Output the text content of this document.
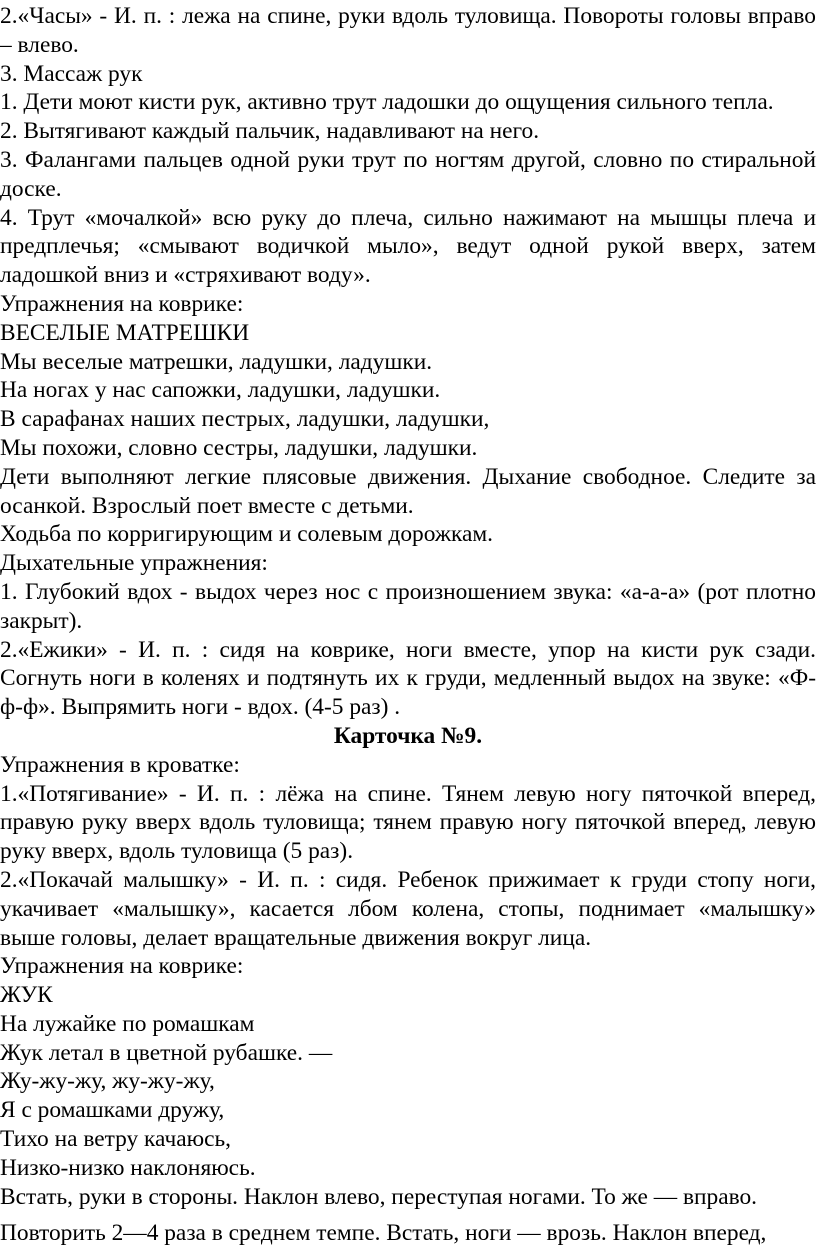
2.«Часы» - И. п. : лежа на спине, руки вдоль туловища. Повороты головы вправо – влево.

3. Массаж рук

1. Дети моют кисти рук, активно трут ладошки до ощущения сильного тепла.

2. Вытягивают каждый пальчик, надавливают на него.

3. Фалангами пальцев одной руки трут по ногтям другой, словно по стиральной доске.

4. Трут «мочалкой» всю руку до плеча, сильно нажимают на мышцы плеча и предплечья; «смывают водичкой мыло», ведут одной рукой вверх, затем ладошкой вниз и «стряхивают воду».

Упражнения на коврике:

ВЕСЕЛЫЕ МАТРЕШКИ

Мы веселые матрешки, ладушки, ладушки.

На ногах у нас сапожки, ладушки, ладушки.

В сарафанах наших пестрых, ладушки, ладушки,

Мы похожи, словно сестры, ладушки, ладушки.

Дети выполняют легкие плясовые движения. Дыхание свободное. Следите за осанкой. Взрослый поет вместе с детьми.

Ходьба по корригирующим и солевым дорожкам.

Дыхательные упражнения:

1. Глубокий вдох - выдох через нос с произношением звука: «а-а-а» (рот плотно закрыт).

2.«Ежики» - И. п. : сидя на коврике, ноги вместе, упор на кисти рук сзади. Согнуть ноги в коленях и подтянуть их к груди, медленный выдох на звуке: «Ф-ф-ф». Выпрямить ноги - вдох. (4-5 раз) .

Карточка №9.

Упражнения в кроватке:

1.«Потягивание» - И. п. : лёжа на спине. Тянем левую ногу пяточкой вперед, правую руку вверх вдоль туловища; тянем правую ногу пяточкой вперед, левую руку вверх, вдоль туловища (5 раз).

2.«Покачай малышку» - И. п. : сидя. Ребенок прижимает к груди стопу ноги, укачивает «малышку», касается лбом колена, стопы, поднимает «малышку» выше головы, делает вращательные движения вокруг лица.

Упражнения на коврике:

ЖУК

На лужайке по ромашкам

Жук летал в цветной рубашке. —

Жу-жу-жу, жу-жу-жу,

Я с ромашками дружу,

Тихо на ветру качаюсь,

Низко-низко наклоняюсь.

Встать, руки в стороны. Наклон влево, переступая ногами. То же — вправо.

Повторить 2—4 раза в среднем темпе. Встать, ноги — врозь. Наклон вперед,
